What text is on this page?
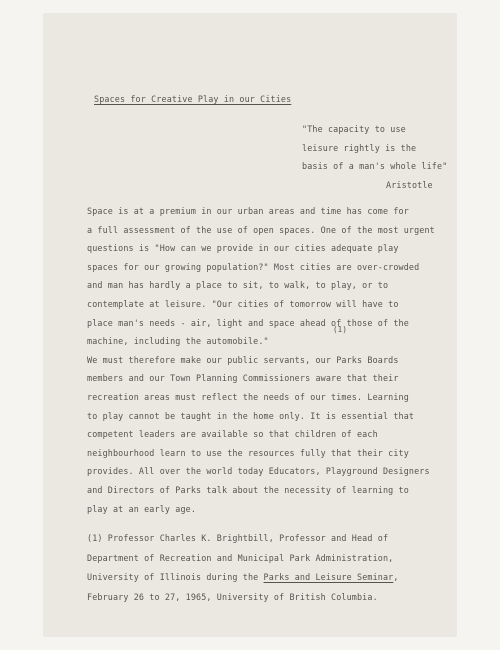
Spaces for Creative Play in our Cities
"The capacity to use
leisure rightly is the
basis of a man's whole life"
Aristotle
Space is at a premium in our urban areas and time has come for
a full assessment of the use of open spaces. One of the most urgent
questions is "How can we provide in our cities adequate play
spaces for our growing population?" Most cities are over-crowded
and man has hardly a place to sit, to walk, to play, or to
contemplate at leisure. "Our cities of tomorrow will have to
place man's needs - air, light and space ahead of those of the
machine, including the automobile."
(1)
We must therefore make our public servants, our Parks Boards
members and our Town Planning Commissioners aware that their
recreation areas must reflect the needs of our times. Learning
to play cannot be taught in the home only. It is essential that
competent leaders are available so that children of each
neighbourhood learn to use the resources fully that their city
provides. All over the world today Educators, Playground Designers
and Directors of Parks talk about the necessity of learning to
play at an early age.
(1) Professor Charles K. Brightbill, Professor and Head of
Department of Recreation and Municipal Park Administration,
University of Illinois during the Parks and Leisure Seminar,
February 26 to 27, 1965, University of British Columbia.
